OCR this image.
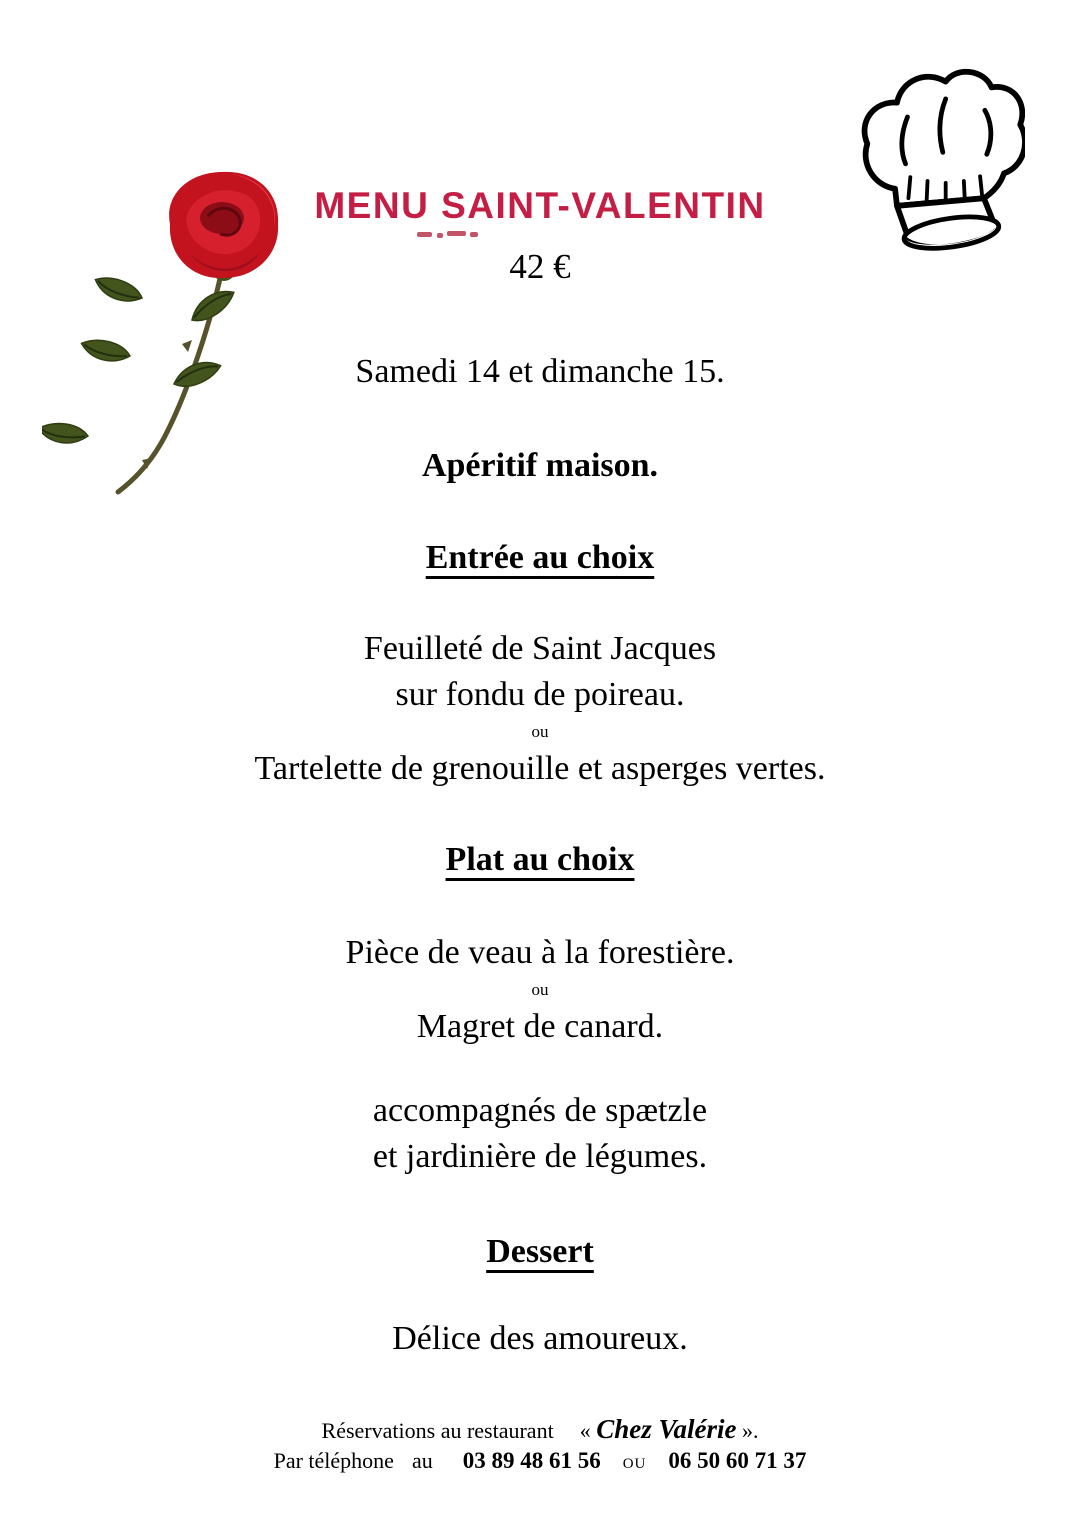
MENU SAINT-VALENTIN
42 €
Samedi 14 et dimanche 15.
Apéritif maison.
Entrée au choix
Feuilleté de Saint Jacques
sur fondu de poireau.
ou
Tartelette de grenouille et asperges vertes.
Plat au choix
Pièce de veau à la forestière.
ou
Magret de canard.
accompagnés de spætzle
et jardinière de légumes.
Dessert
Délice des amoureux.
Réservations au restaurant « Chez Valérie ».
Par téléphone au 03 89 48 61 56 ou 06 50 60 71 37
